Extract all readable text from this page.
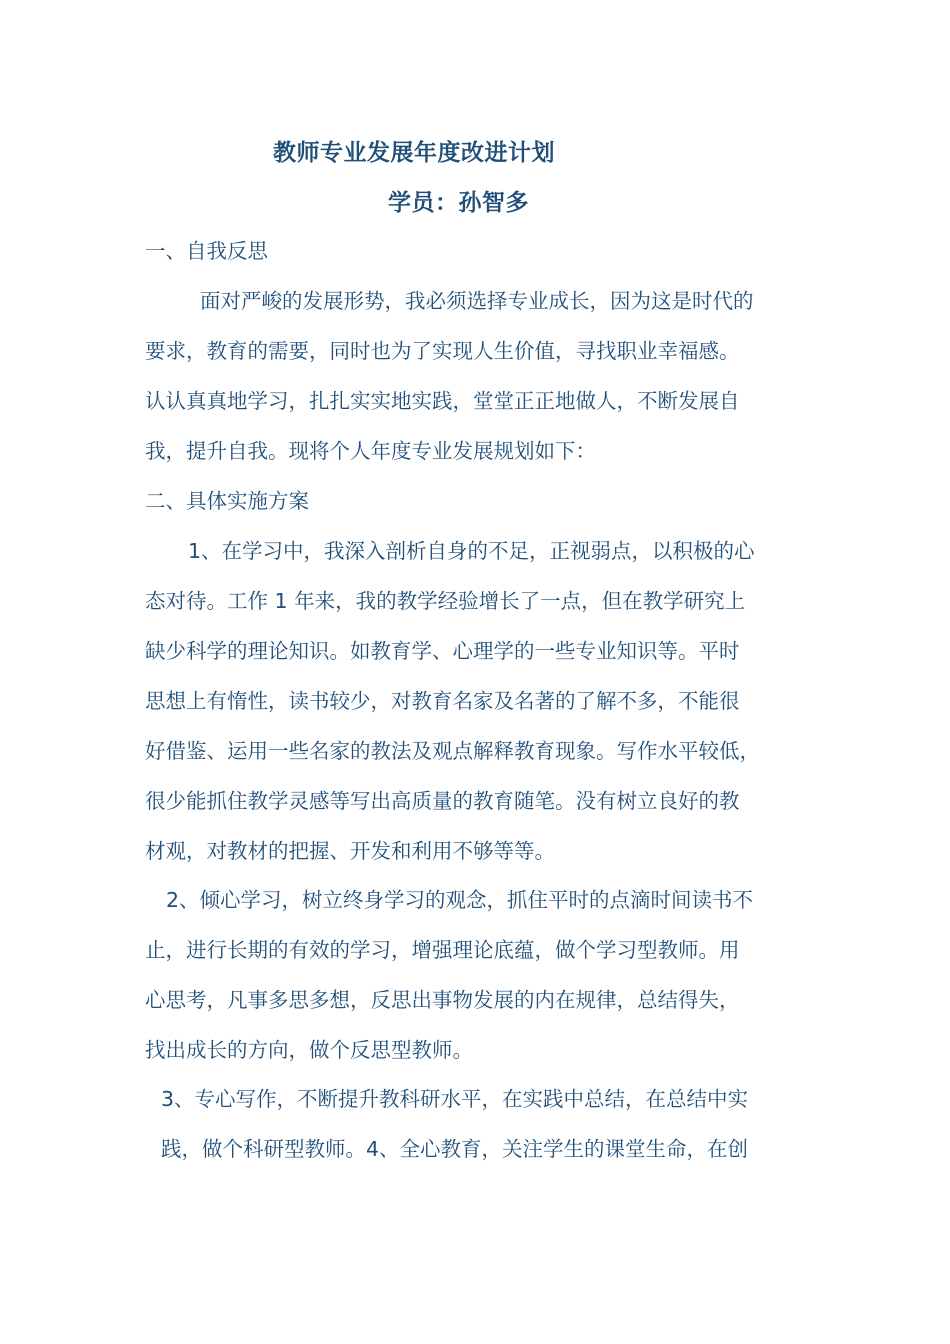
教师专业发展年度改进计划
学员：孙智多
一、自我反思
面对严峻的发展形势，我必须选择专业成长，因为这是时代的
要求，教育的需要，同时也为了实现人生价值，寻找职业幸福感。
认认真真地学习，扎扎实实地实践，堂堂正正地做人，不断发展自
我，提升自我。现将个人年度专业发展规划如下：
二、具体实施方案
1、在学习中，我深入剖析自身的不足，正视弱点，以积极的心
态对待。工作 1 年来，我的教学经验增长了一点，但在教学研究上
缺少科学的理论知识。如教育学、心理学的一些专业知识等。平时
思想上有惰性，读书较少，对教育名家及名著的了解不多，不能很
好借鉴、运用一些名家的教法及观点解释教育现象。写作水平较低，
很少能抓住教学灵感等写出高质量的教育随笔。没有树立良好的教
材观，对教材的把握、开发和利用不够等等。
2、倾心学习，树立终身学习的观念，抓住平时的点滴时间读书不
止，进行长期的有效的学习，增强理论底蕴，做个学习型教师。用
心思考，凡事多思多想，反思出事物发展的内在规律，总结得失，
找出成长的方向，做个反思型教师。
3、专心写作，不断提升教科研水平，在实践中总结，在总结中实
践，做个科研型教师。4、全心教育，关注学生的课堂生命，在创
